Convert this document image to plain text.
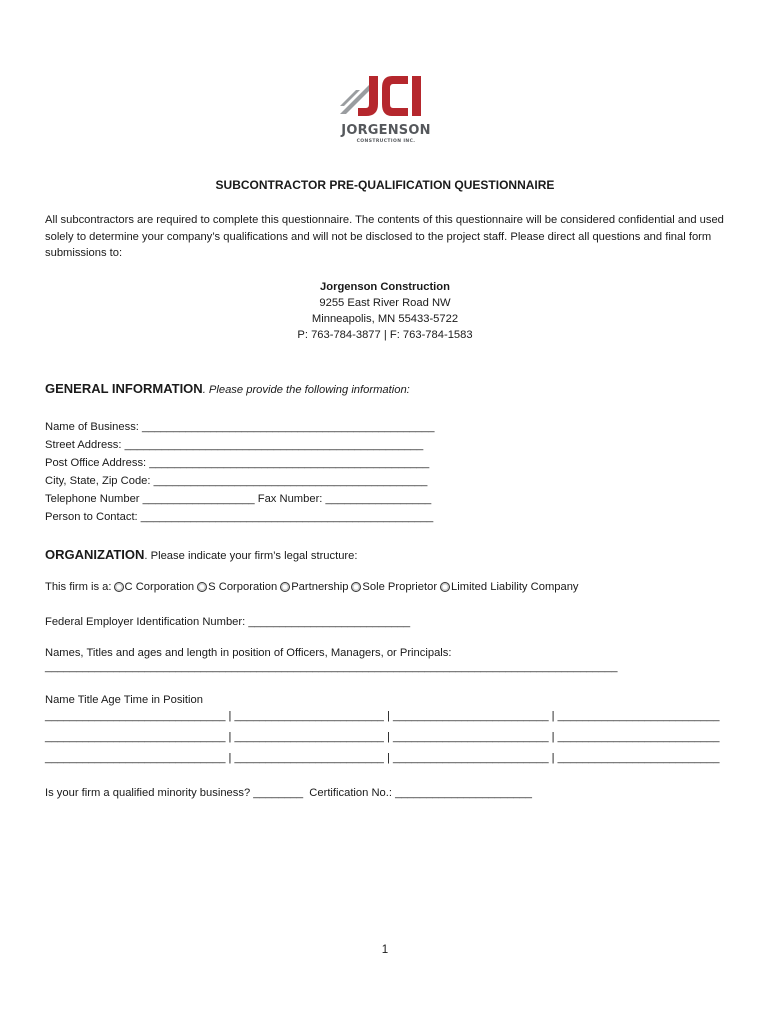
JORGENSON
CONSTRUCTION INC.
SUBCONTRACTOR PRE-QUALIFICATION QUESTIONNAIRE
All subcontractors are required to complete this questionnaire. The contents of this questionnaire will be considered confidential and used solely to determine your company’s qualifications and will not be disclosed to the project staff. Please direct all questions and final form submissions to:
Jorgenson Construction
9255 East River Road NW
Minneapolis, MN 55433-5722
P: 763-784-3877 | F: 763-784-1583
GENERAL INFORMATION. Please provide the following information:
Name of Business: _______________________________________________
Street Address: ________________________________________________
Post Office Address: _____________________________________________
City, State, Zip Code: ____________________________________________
Telephone Number __________________ Fax Number: _________________
Person to Contact: _______________________________________________
ORGANIZATION. Please indicate your firm’s legal structure:
This firm is a: C Corporation S Corporation Partnership Sole Proprietor Limited Liability Company
Federal Employer Identification Number: __________________________
Names, Titles and ages and length in position of Officers, Managers, or Principals:
____________________________________________________________________________________________
Name Title Age Time in Position
_____________________________ | ________________________ | _________________________ | __________________________
_____________________________ | ________________________ | _________________________ | __________________________
_____________________________ | ________________________ | _________________________ | __________________________
Is your firm a qualified minority business? ________  Certification No.: ______________________
1
